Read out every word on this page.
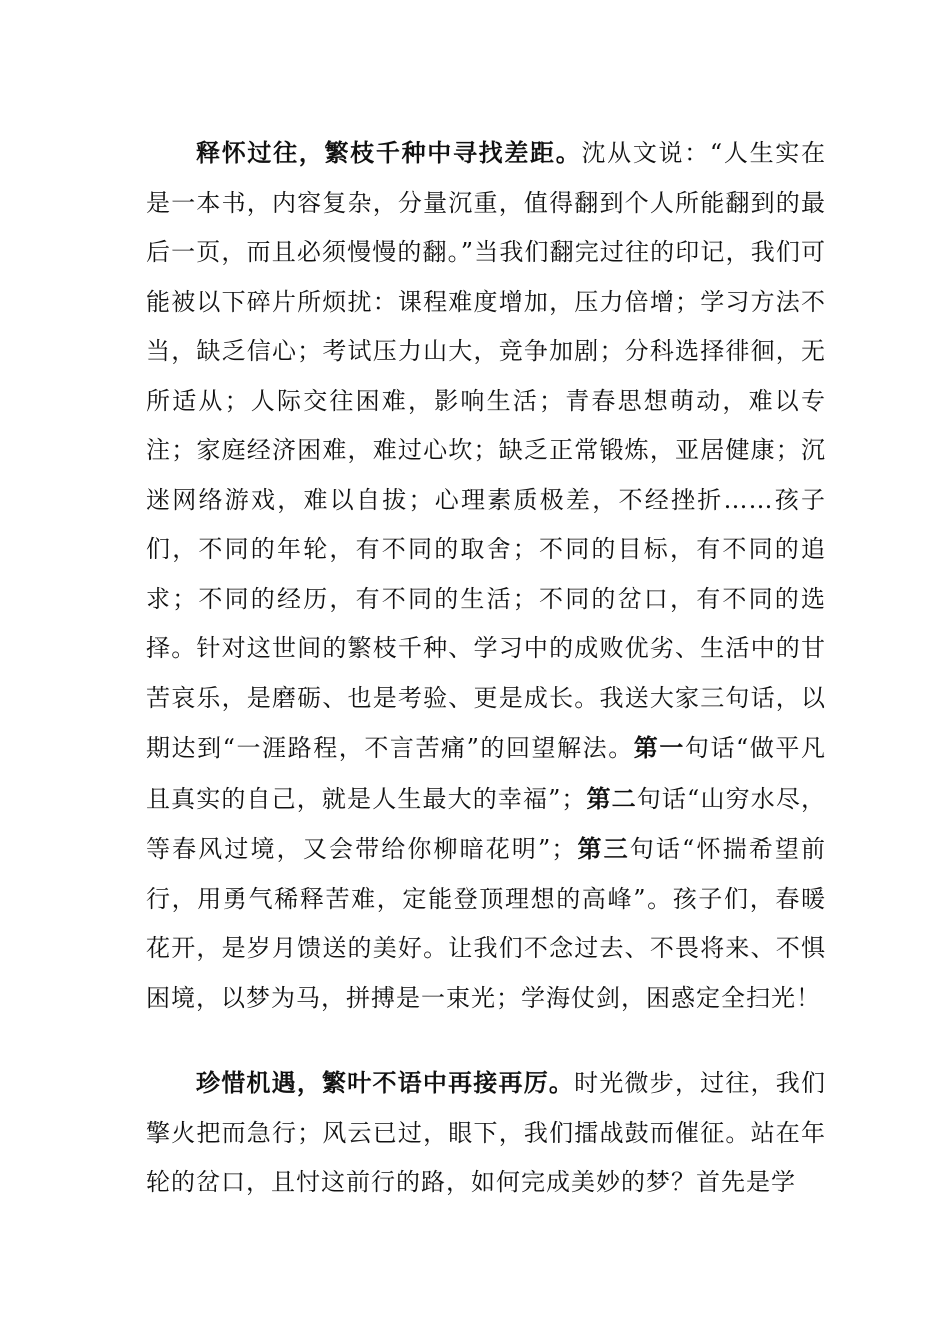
释怀过往，繁枝千种中寻找差距。沈从文说：“人生实在是一本书，内容复杂，分量沉重，值得翻到个人所能翻到的最后一页，而且必须慢慢的翻。”当我们翻完过往的印记，我们可能被以下碎片所烦扰：课程难度增加，压力倍增；学习方法不当，缺乏信心；考试压力山大，竞争加剧；分科选择徘徊，无所适从；人际交往困难，影响生活；青春思想萌动，难以专注；家庭经济困难，难过心坎；缺乏正常锻炼，亚居健康；沉迷网络游戏，难以自拔；心理素质极差，不经挫折……孩子们，不同的年轮，有不同的取舍；不同的目标，有不同的追求；不同的经历，有不同的生活；不同的岔口，有不同的选择。针对这世间的繁枝千种、学习中的成败优劣、生活中的甘苦哀乐，是磨砺、也是考验、更是成长。我送大家三句话，以期达到“一涯路程，不言苦痛”的回望解法。第一句话“做平凡且真实的自己，就是人生最大的幸福”；第二句话“山穷水尽，等春风过境，又会带给你柳暗花明”；第三句话“怀揣希望前行，用勇气稀释苦难，定能登顶理想的高峰”。孩子们，春暖花开，是岁月馈送的美好。让我们不念过去、不畏将来、不惧困境，以梦为马，拼搏是一束光；学海仗剑，困惑定全扫光！

珍惜机遇，繁叶不语中再接再厉。时光微步，过往，我们擎火把而急行；风云已过，眼下，我们擂战鼓而催征。站在年轮的岔口，且忖这前行的路，如何完成美妙的梦？首先是学
